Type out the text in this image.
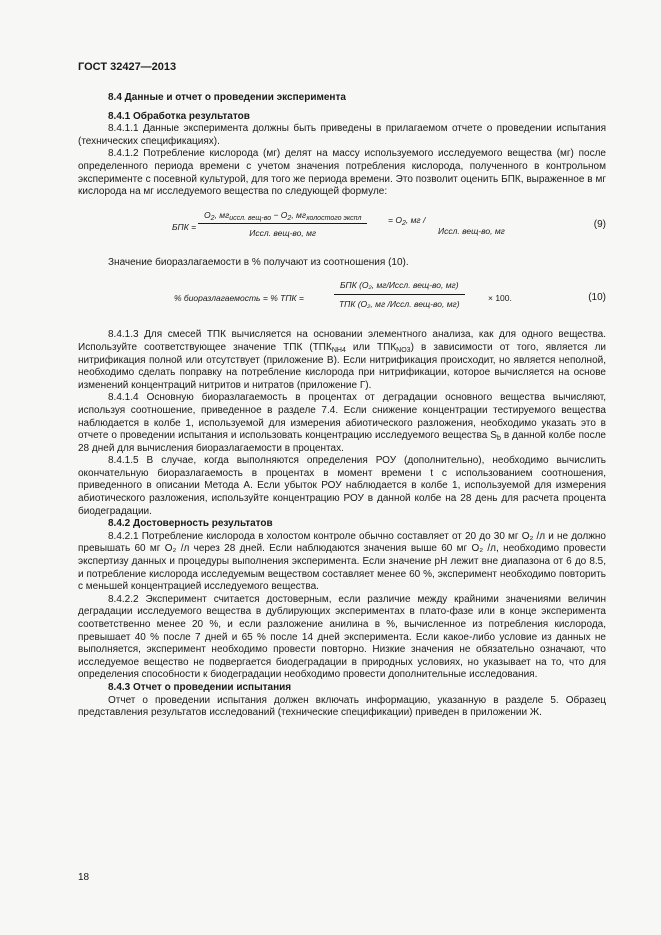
ГОСТ 32427—2013

8.4 Данные и отчет о проведении эксперимента

8.4.1 Обработка результатов

8.4.1.1 Данные эксперимента должны быть приведены в прилагаемом отчете о проведении испытания (технических спецификациях).

8.4.1.2 Потребление кислорода (мг) делят на массу используемого исследуемого вещества (мг) после определенного периода времени с учетом значения потребления кислорода, полученного в контрольном эксперименте с посевной культурой, для того же периода времени. Это позволит оценить БПК, выраженное в мг кислорода на мг исследуемого вещества по следующей формуле:

БПК =
$O_2$, $мг_{иссл. вещ-во} - O_2$, $мг_{холостого экспл}$
Иссл. вещ-во, мг
= $O_2$, мг /
Иссл. вещ-во, мг
(9)

Значение биоразлагаемости в % получают из соотношения (10).

% биоразлагаемость = % ТПК =
БПК (O₂, мг/Иссл. вещ-во, мг)
ТПК (O₂, мг /Иссл. вещ-во, мг)
× 100.	(10)

8.4.1.3 Для смесей ТПК вычисляется на основании элементного анализа, как для одного вещества. Используйте соответствующее значение ТПК ($ТПК_{NH4}$ или $ТПК_{NO3}$) в зависимости от того, является ли нитрификация полной или отсутствует (приложение В). Если нитрификация происходит, но является неполной, необходимо сделать поправку на потребление кислорода при нитрификации, которое вычисляется на основе изменений концентраций нитритов и нитратов (приложение Г).

8.4.1.4 Основную биоразлагаемость в процентах от деградации основного вещества вычисляют, используя соотношение, приведенное в разделе 7.4. Если снижение концентрации тестируемого вещества наблюдается в колбе 1, используемой для измерения абиотического разложения, необходимо указать это в отчете о проведении испытания и использовать концентрацию исследуемого вещества $S_b$ в данной колбе после 28 дней для вычисления биоразлагаемости в процентах.

8.4.1.5 В случае, когда выполняются определения РОУ (дополнительно), необходимо вычислить окончательную биоразлагаемость в процентах в момент времени t с использованием соотношения, приведенного в описании Метода А. Если убыток РОУ наблюдается в колбе 1, используемой для измерения абиотического разложения, используйте концентрацию РОУ в данной колбе на 28 день для расчета процента биодеградации.

8.4.2 Достоверность результатов

8.4.2.1 Потребление кислорода в холостом контроле обычно составляет от 20 до 30 мг O₂ /л и не должно превышать 60 мг O₂ /л через 28 дней. Если наблюдаются значения выше 60 мг O₂ /л, необходимо провести экспертизу данных и процедуры выполнения эксперимента. Если значение pH лежит вне диапазона от 6 до 8.5, и потребление кислорода исследуемым веществом составляет менее 60 %, эксперимент необходимо повторить с меньшей концентрацией исследуемого вещества.

8.4.2.2 Эксперимент считается достоверным, если различие между крайними значениями величин деградации исследуемого вещества в дублирующих экспериментах в плато-фазе или в конце эксперимента соответственно менее 20 %, и если разложение анилина в %, вычисленное из потребления кислорода, превышает 40 % после 7 дней и 65 % после 14 дней эксперимента. Если какое-либо условие из данных не выполняется, эксперимент необходимо провести повторно. Низкие значения не обязательно означают, что исследуемое вещество не подвергается биодеградации в природных условиях, но указывает на то, что для определения способности к биодеградации необходимо провести дополнительные исследования.

8.4.3 Отчет о проведении испытания

Отчет о проведении испытания должен включать информацию, указанную в разделе 5. Образец представления результатов исследований (технические спецификации) приведен в приложении Ж.

18
